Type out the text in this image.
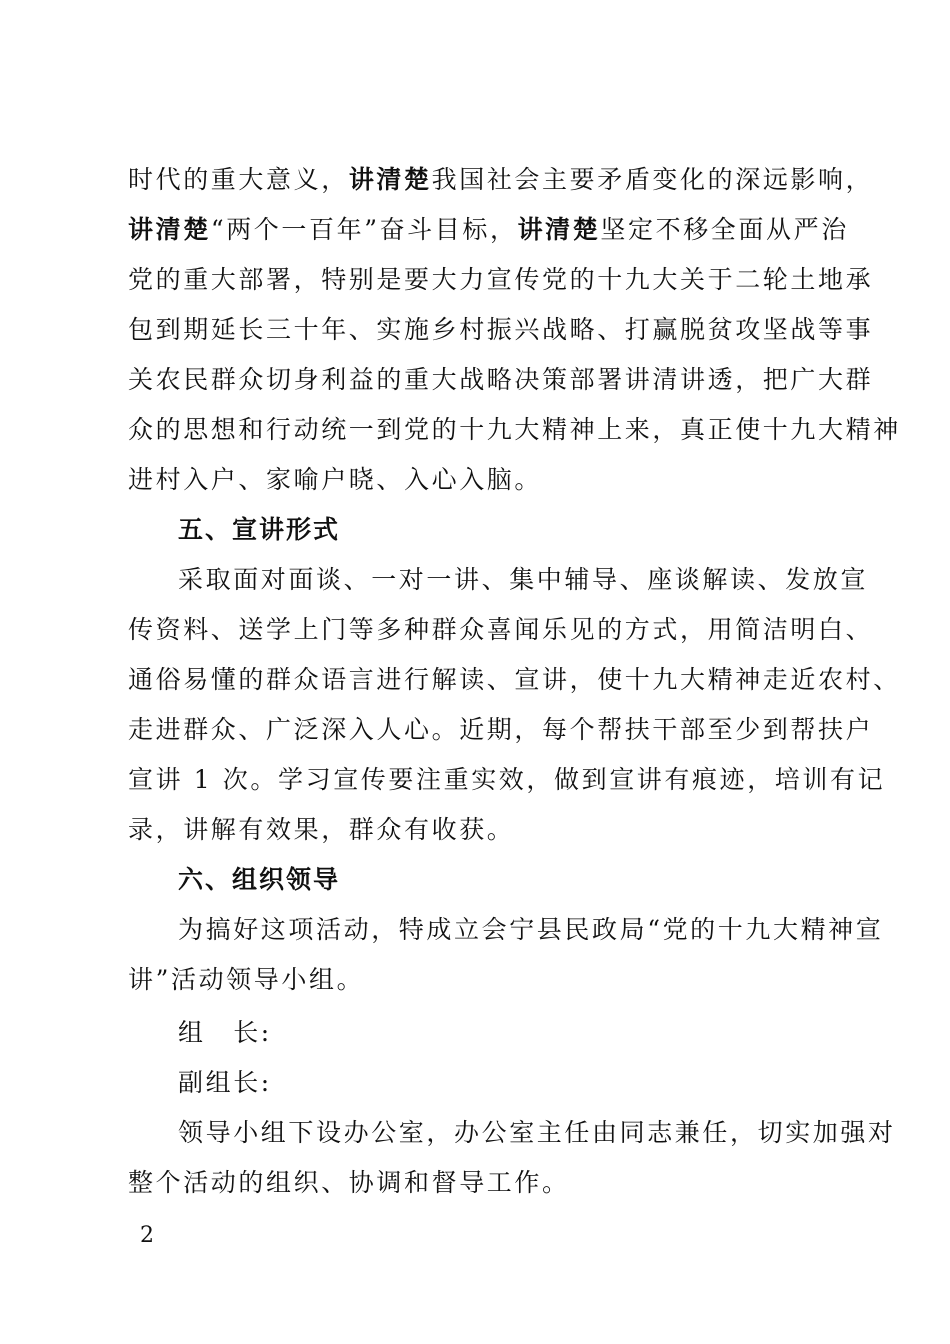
时代的重大意义，讲清楚我国社会主要矛盾变化的深远影响，
讲清楚“两个一百年”奋斗目标，讲清楚坚定不移全面从严治
党的重大部署，特别是要大力宣传党的十九大关于二轮土地承
包到期延长三十年、实施乡村振兴战略、打赢脱贫攻坚战等事
关农民群众切身利益的重大战略决策部署讲清讲透，把广大群
众的思想和行动统一到党的十九大精神上来，真正使十九大精神
进村入户、家喻户晓、入心入脑。
五、宣讲形式
采取面对面谈、一对一讲、集中辅导、座谈解读、发放宣
传资料、送学上门等多种群众喜闻乐见的方式，用简洁明白、
通俗易懂的群众语言进行解读、宣讲，使十九大精神走近农村、
走进群众、广泛深入人心。近期，每个帮扶干部至少到帮扶户
宣讲 1 次。学习宣传要注重实效，做到宣讲有痕迹，培训有记
录，讲解有效果，群众有收获。
六、组织领导
为搞好这项活动，特成立会宁县民政局“党的十九大精神宣
讲”活动领导小组。
组　长:
副组长:
领导小组下设办公室，办公室主任由同志兼任，切实加强对
整个活动的组织、协调和督导工作。
2
